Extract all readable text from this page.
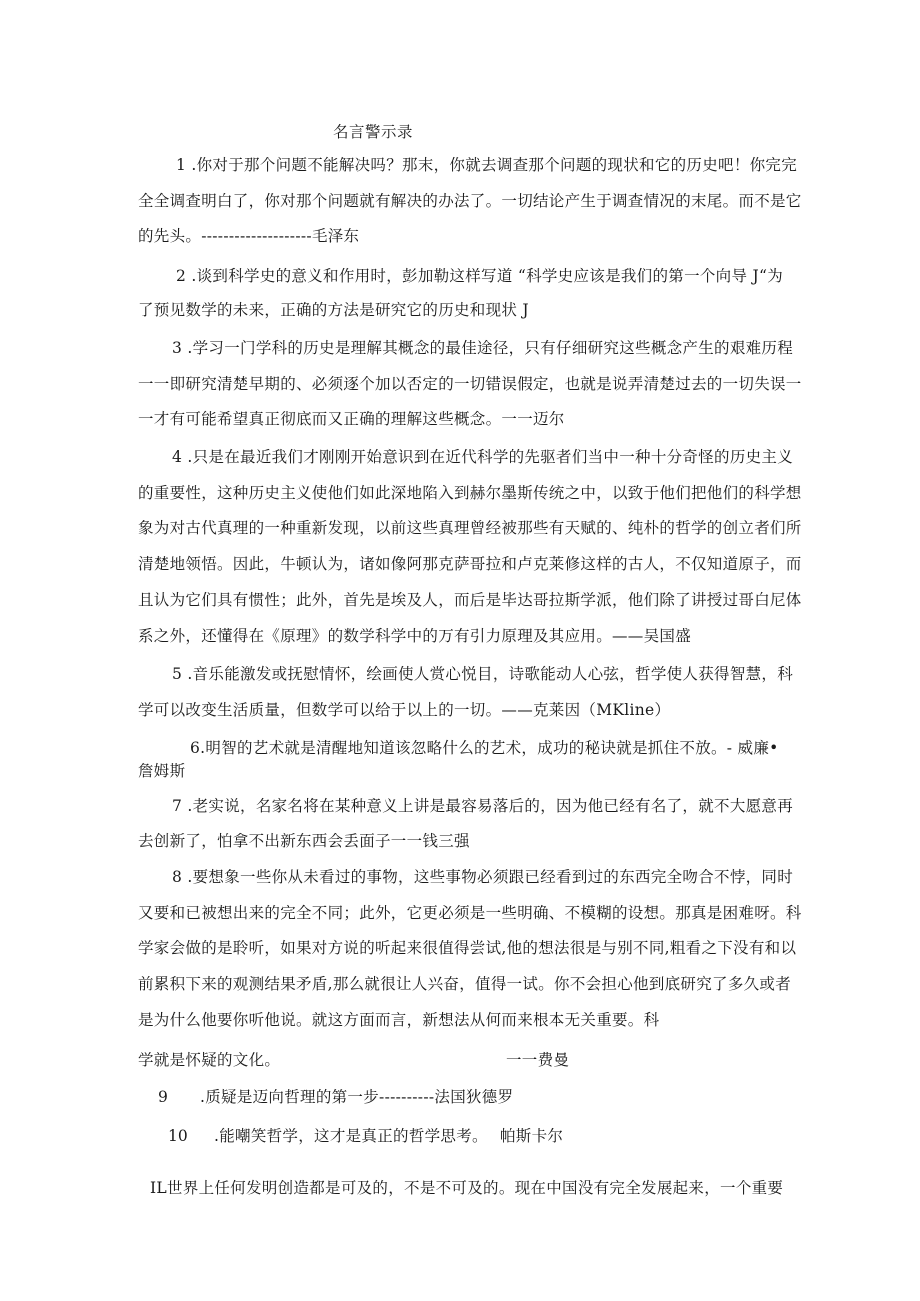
名言警示录
1 .你对于那个问题不能解决吗？那末，你就去调查那个问题的现状和它的历史吧！你完完
全全调查明白了，你对那个问题就有解决的办法了。一切结论产生于调查情况的末尾。而不是它
的先头。--------------------毛泽东
2 .谈到科学史的意义和作用时，彭加勒这样写道 “科学史应该是我们的第一个向导 J“为
了预见数学的未来，正确的方法是研究它的历史和现状 J
3 .学习一门学科的历史是理解其概念的最佳途径，只有仔细研究这些概念产生的艰难历程
一一即研究清楚早期的、必须逐个加以否定的一切错误假定，也就是说弄清楚过去的一切失误一
一才有可能希望真正彻底而又正确的理解这些概念。一一迈尔
4 .只是在最近我们才刚刚开始意识到在近代科学的先驱者们当中一种十分奇怪的历史主义
的重要性，这种历史主义使他们如此深地陷入到赫尔墨斯传统之中，以致于他们把他们的科学想
象为对古代真理的一种重新发现，以前这些真理曾经被那些有天赋的、纯朴的哲学的创立者们所
清楚地领悟。因此，牛顿认为，诸如像阿那克萨哥拉和卢克莱修这样的古人，不仅知道原子，而
且认为它们具有惯性；此外，首先是埃及人，而后是毕达哥拉斯学派，他们除了讲授过哥白尼体
系之外，还懂得在《原理》的数学科学中的万有引力原理及其应用。——吴国盛
5 .音乐能激发或抚慰情怀，绘画使人赏心悦目，诗歌能动人心弦，哲学使人获得智慧，科
学可以改变生活质量，但数学可以给于以上的一切。——克莱因（MKline）
6.明智的艺术就是清醒地知道该忽略什么的艺术，成功的秘诀就是抓住不放。- 威廉•
詹姆斯
7 .老实说，名家名将在某种意义上讲是最容易落后的，因为他已经有名了，就不大愿意再
去创新了，怕拿不出新东西会丢面子一一钱三强
8 .要想象一些你从未看过的事物，这些事物必须跟已经看到过的东西完全吻合不悖，同时
又要和已被想出来的完全不同；此外，它更必须是一些明确、不模糊的设想。那真是困难呀。科
学家会做的是聆听，如果对方说的听起来很值得尝试,他的想法很是与别不同,粗看之下没有和以
前累积下来的观测结果矛盾,那么就很让人兴奋，值得一试。你不会担心他到底研究了多久或者
是为什么他要你听他说。就这方面而言，新想法从何而来根本无关重要。科
学就是怀疑的文化。	一一费曼
9 .质疑是迈向哲理的第一步----------法国狄德罗
10 .能嘲笑哲学，这才是真正的哲学思考。 帕斯卡尔
IL世界上任何发明创造都是可及的，不是不可及的。现在中国没有完全发展起来，一个重要
